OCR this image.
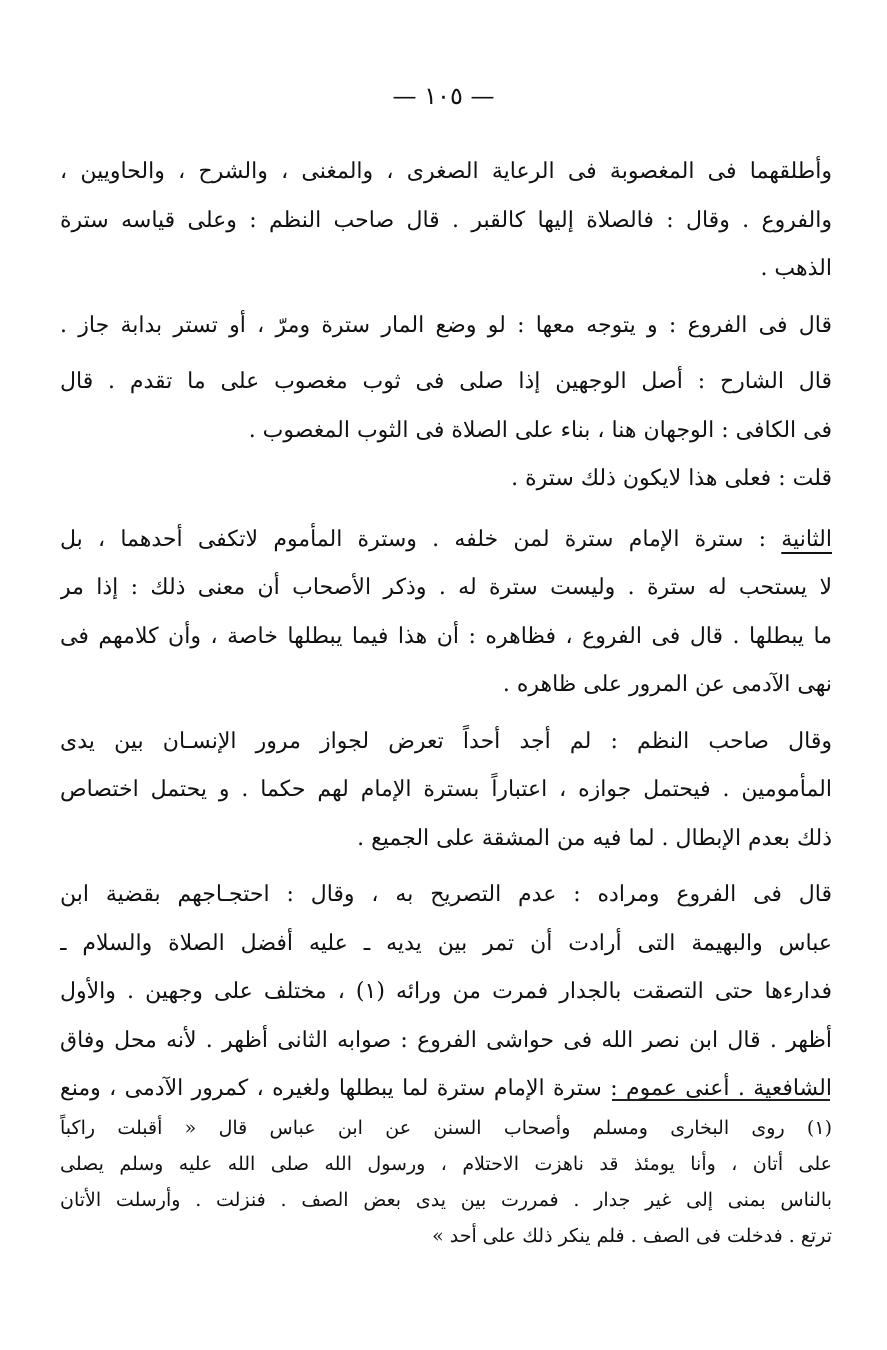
— ١٠٥ —

وأطلقهما فى المغصوبة فى الرعاية الصغرى ، والمغنى ، والشرح ، والحاويين ،
والفروع . وقال : فالصلاة إليها كالقبر . قال صاحب النظم : وعلى قياسه سترة
الذهب .

قال فى الفروع : و يتوجه معها : لو وضع المار سترة ومرّ ، أو تستر بدابة جاز .

قال الشارح : أصل الوجهين إذا صلى فى ثوب مغصوب على ما تقدم . قال
فى الكافى : الوجهان هنا ، بناء على الصلاة فى الثوب المغصوب .

قلت : فعلى هذا لايكون ذلك سترة .

الثانية : سترة الإمام سترة لمن خلفه . وسترة المأموم لاتكفى أحدهما ، بل
لا يستحب له سترة . وليست سترة له . وذكر الأصحاب أن معنى ذلك : إذا مر
ما يبطلها . قال فى الفروع ، فظاهره : أن هذا فيما يبطلها خاصة ، وأن كلامهم فى
نهى الآدمى عن المرور على ظاهره .

وقال صاحب النظم : لم أجد أحداً تعرض لجواز مرور الإنسـان بين يدى
المأمومين . فيحتمل جوازه ، اعتباراً بسترة الإمام لهم حكما . و يحتمل اختصاص
ذلك بعدم الإبطال . لما فيه من المشقة على الجميع .

قال فى الفروع ومراده : عدم التصريح به ، وقال : احتجـاجهم بقضية ابن
عباس والبهيمة التى أرادت أن تمر بين يديه ـ عليه أفضل الصلاة والسلام ـ
فدارءها حتى التصقت بالجدار فمرت من ورائه (١) ، مختلف على وجهين . والأول
أظهر . قال ابن نصر الله فى حواشى الفروع : صوابه الثانى أظهر . لأنه محل وفاق
الشافعية . أعنى عموم : سترة الإمام سترة لما يبطلها ولغيره ، كمرور الآدمى ، ومنع

(١) روى البخارى ومسلم وأصحاب السنن عن ابن عباس قال « أقبلت راكباً
على أتان ، وأنا يومئذ قد ناهزت الاحتلام ، ورسول الله صلى الله عليه وسلم يصلى
بالناس بمنى إلى غير جدار . فمررت بين يدى بعض الصف . فنزلت . وأرسلت الأتان
ترتع . فدخلت فى الصف . فلم ينكر ذلك على أحد »
